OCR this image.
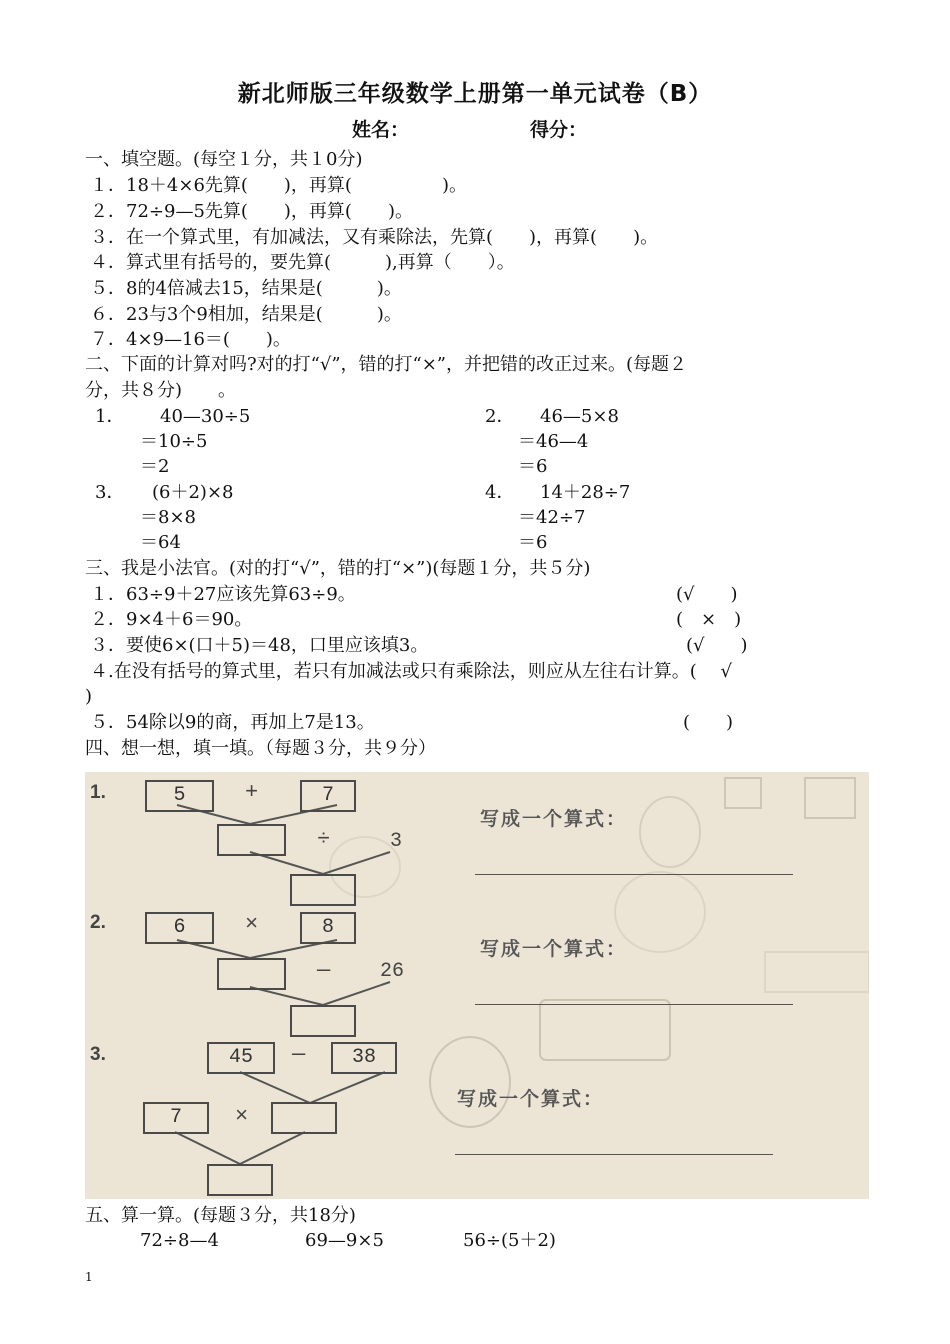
新北师版三年级数学上册第一单元试卷（B）
姓名：	得分：
一、填空题。(每空１分，共１0分)
１．18＋4×6先算(　　)，再算(　　　　　)。
２．72÷9—5先算(　　)，再算(　　)。
３．在一个算式里，有加减法，又有乘除法，先算(　　)，再算(　　)。
４．算式里有括号的，要先算(　　　),再算（　　）。
５．8的4倍减去15，结果是(　　　)。
６．23与3个9相加，结果是(　　　)。
７．4×9—16＝(　　)。
二、下面的计算对吗?对的打“√”，错的打“×”，并把错的改正过来。(每题２
分，共８分)　　。
1． 40—30÷5
＝10÷5
＝2
2． 46—5×8
＝46—4
＝6
3． (6＋2)×8
＝8×8
＝64
4． 14＋28÷7
＝42÷7
＝6
三、我是小法官。(对的打“√”，错的打“×”)(每题１分，共５分)
１．63÷9＋27应该先算63÷9。	(√　　)
２．9×4＋6＝90。	(　×　)
３．要使6×(口＋5)＝48，口里应该填3。	(√　　)
４.在没有括号的算式里，若只有加减法或只有乘除法，则应从左往右计算。(　 √
)
５．54除以9的商，再加上7是13。	(　　)
四、想一想，填一填。（每题３分，共９分）
1.	5	+	7
÷	3
写成一个算式：
2.	6	×	8
— 26
写成一个算式：
3.	45	—	38
7	×
写成一个算式：
五、算一算。(每题３分，共18分)
72÷8—4	69—9×5	56÷(5＋2)
1
